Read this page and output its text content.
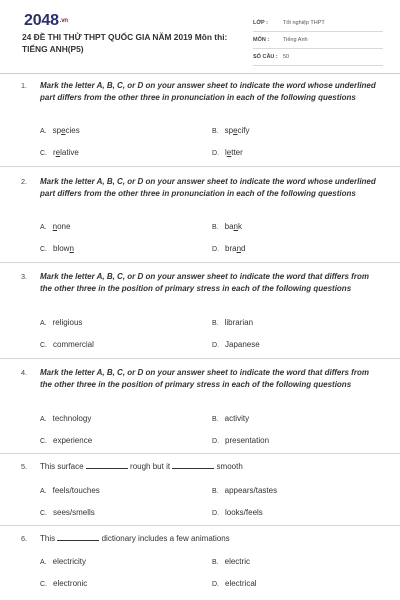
2048.vn
24 ĐỀ THI THỬ THPT QUỐC GIA NĂM 2019 Môn thi: TIẾNG ANH(P5)
LỚP :	Tốt nghiệp THPT
MÔN :	Tiếng Anh
SỐ CÂU : 50
1. Mark the letter A, B, C, or D on your answer sheet to indicate the word whose underlined part differs from the other three in pronunciation in each of the following questions
A. species	B. specify
C. relative	D. letter
2. Mark the letter A, B, C, or D on your answer sheet to indicate the word whose underlined part differs from the other three in pronunciation in each of the following questions
A. none	B. bank
C. blown	D. brand
3. Mark the letter A, B, C, or D on your answer sheet to indicate the word that differs from the other three in the position of primary stress in each of the following questions
A. religious	B. librarian
C. commercial	D. Japanese
4. Mark the letter A, B, C, or D on your answer sheet to indicate the word that differs from the other three in the position of primary stress in each of the following questions
A. technology	B. activity
C. experience	D. presentation
5. This surface	rough but it	smooth
A. feels/touches	B. appears/tastes
C. sees/smells	D. looks/feels
6. This	dictionary includes a few animations
A. electricity	B. electric
C. electronic	D. electrical
